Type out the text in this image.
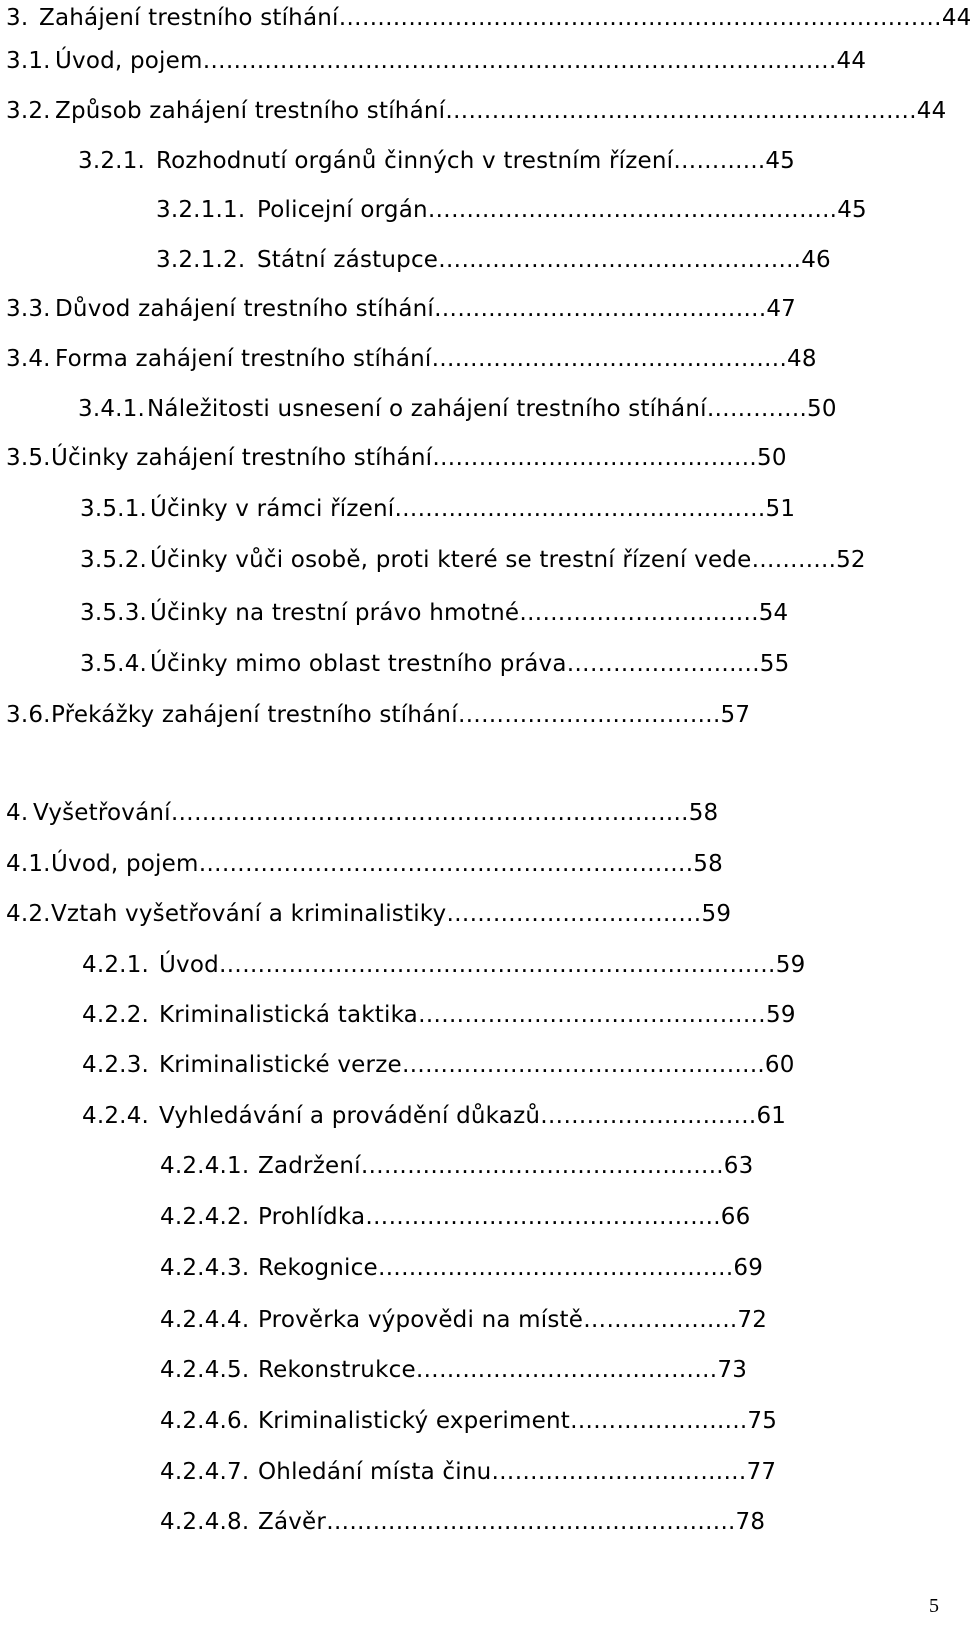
3. Zahájení trestního stíhání……………………………………………………………………44
3.1. Úvod, pojem……………………………………………………………………….44
3.2. Způsob zahájení trestního stíhání…………………………………………………….44
3.2.1. Rozhodnutí orgánů činných v trestním řízení………...45
3.2.1.1. Policejní orgán……………………………………………..45
3.2.1.2. Státní zástupce………………………………………..46
3.3. Důvod zahájení trestního stíhání…………………………………….47
3.4. Forma zahájení trestního stíhání……………………………………….48
3.4.1.Náležitosti usnesení o zahájení trestního stíhání………….50
3.5.Účinky zahájení trestního stíhání……………………………………50
3.5.1. Účinky v rámci řízení…………………………………………51
3.5.2. Účinky vůči osobě, proti které se trestní řízení vede………..52
3.5.3. Účinky na trestní právo hmotné………………………….54
3.5.4. Účinky mimo oblast trestního práva…………………….55
3.6.Překážky zahájení trestního stíhání…………………………….57
4. Vyšetřování………………………………………………………….58
4.1.Úvod, pojem……………………………………………………….58
4.2.Vztah vyšetřování a kriminalistiky……………………………59
4.2.1. Úvod………………………………………………………………59
4.2.2. Kriminalistická taktika………………………………………59
4.2.3. Kriminalistické verze………………………………………..60
4.2.4. Vyhledávání a provádění důkazů……………………….61
4.2.4.1. Zadržení………………………………………..63
4.2.4.2. Prohlídka……………………………………….66
4.2.4.3. Rekognice……………………………………….69
4.2.4.4. Prověrka výpovědi na místě………………..72
4.2.4.5. Rekonstrukce…………………………………73
4.2.4.6. Kriminalistický experiment…………………..75
4.2.4.7. Ohledání místa činu……………………………77
4.2.4.8. Závěr……………………………………………..78
5
